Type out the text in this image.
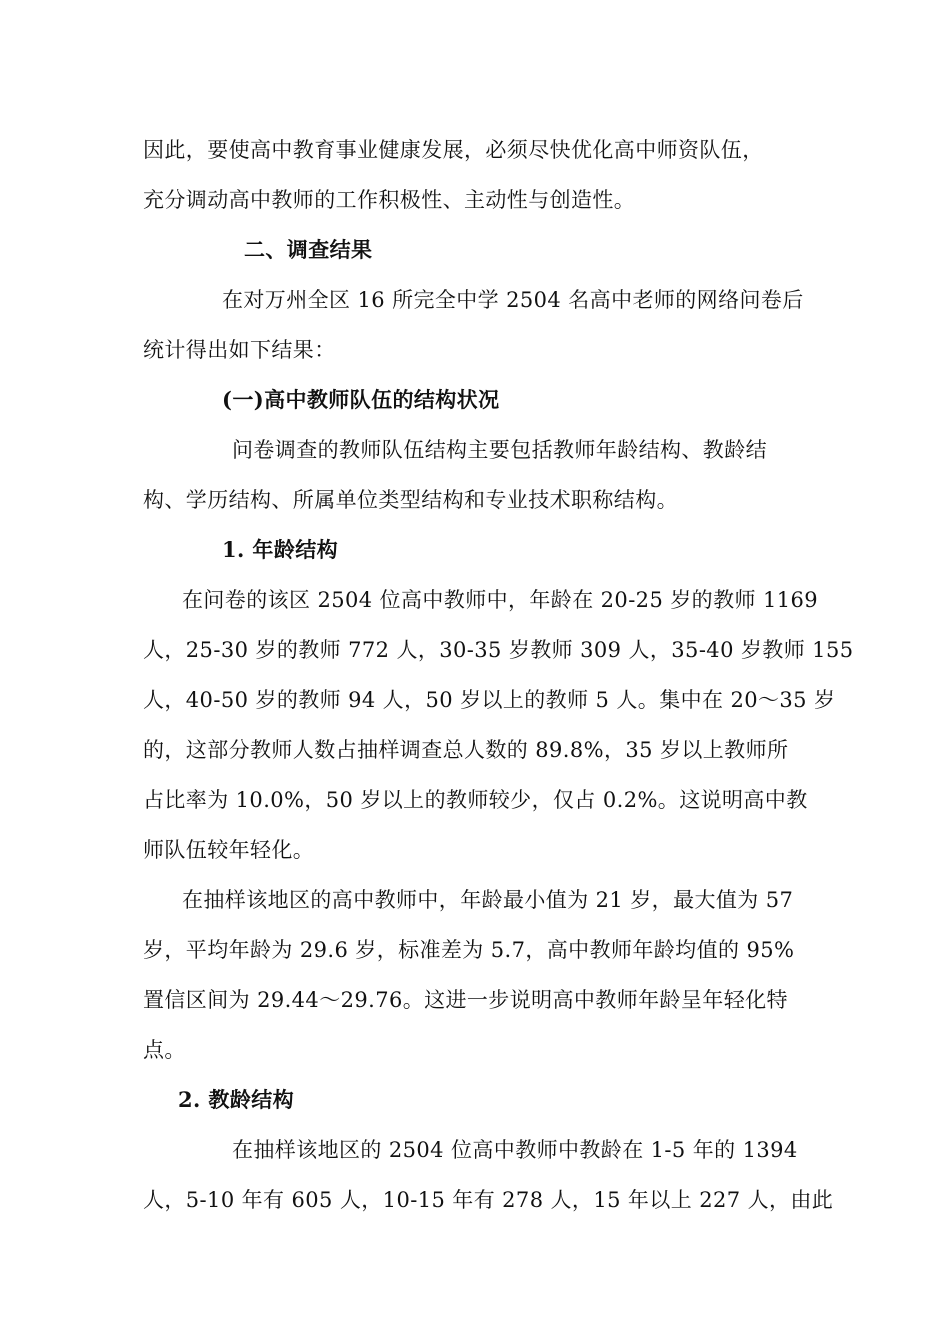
因此，要使高中教育事业健康发展，必须尽快优化高中师资队伍，
充分调动高中教师的工作积极性、主动性与创造性。
二、调查结果
在对万州全区 16 所完全中学 2504 名高中老师的网络问卷后
统计得出如下结果：
(一)高中教师队伍的结构状况
问卷调查的教师队伍结构主要包括教师年龄结构、教龄结
构、学历结构、所属单位类型结构和专业技术职称结构。
1. 年龄结构
在问卷的该区 2504 位高中教师中，年龄在 20-25 岁的教师 1169
人，25-30 岁的教师 772 人，30-35 岁教师 309 人，35-40 岁教师 155
人，40-50 岁的教师 94 人，50 岁以上的教师 5 人。集中在 20～35 岁
的，这部分教师人数占抽样调查总人数的 89.8%，35 岁以上教师所
占比率为 10.0%，50 岁以上的教师较少，仅占 0.2%。这说明高中教
师队伍较年轻化。
在抽样该地区的高中教师中，年龄最小值为 21 岁，最大值为 57
岁，平均年龄为 29.6 岁，标准差为 5.7，高中教师年龄均值的 95%
置信区间为 29.44～29.76。这进一步说明高中教师年龄呈年轻化特
点。
2. 教龄结构
在抽样该地区的 2504 位高中教师中教龄在 1-5 年的 1394
人，5-10 年有 605 人，10-15 年有 278 人，15 年以上 227 人，由此
